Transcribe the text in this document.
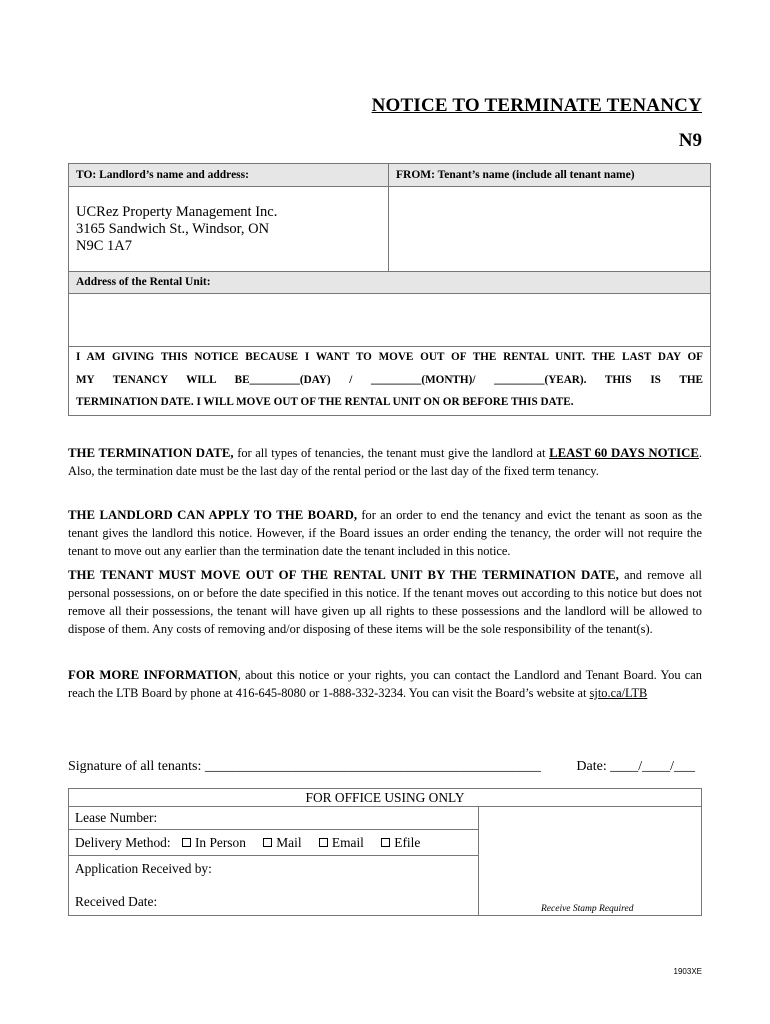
NOTICE TO TERMINATE TENANCY
N9
TO: Landlord’s name and address:	FROM: Tenant’s name (include all tenant name)
UCRez Property Management Inc.
3165 Sandwich St., Windsor, ON
N9C 1A7
Address of the Rental Unit:
I AM GIVING THIS NOTICE BECAUSE I WANT TO MOVE OUT OF THE RENTAL UNIT. THE LAST DAY OF
MY TENANCY WILL BE_________(DAY) / _________(MONTH)/ _________(YEAR). THIS IS THE
TERMINATION DATE. I WILL MOVE OUT OF THE RENTAL UNIT ON OR BEFORE THIS DATE.
THE TERMINATION DATE, for all types of tenancies, the tenant must give the landlord at LEAST 60 DAYS NOTICE. Also, the termination date must be the last day of the rental period or the last day of the fixed term tenancy.
THE LANDLORD CAN APPLY TO THE BOARD, for an order to end the tenancy and evict the tenant as soon as the tenant gives the landlord this notice. However, if the Board issues an order ending the tenancy, the order will not require the tenant to move out any earlier than the termination date the tenant included in this notice.
THE TENANT MUST MOVE OUT OF THE RENTAL UNIT BY THE TERMINATION DATE, and remove all personal possessions, on or before the date specified in this notice. If the tenant moves out according to this notice but does not remove all their possessions, the tenant will have given up all rights to these possessions and the landlord will be allowed to dispose of them. Any costs of removing and/or disposing of these items will be the sole responsibility of the tenant(s).
FOR MORE INFORMATION, about this notice or your rights, you can contact the Landlord and Tenant Board. You can reach the LTB Board by phone at 416-645-8080 or 1-888-332-3234. You can visit the Board’s website at sjto.ca/LTB
Signature of all tenants: ________________________________________________	Date: ____/____/___
FOR OFFICE USING ONLY
Receive Stamp Required
Lease Number:
Delivery Method: In Person Mail Email Efile
Application Received by:
Received Date:
1903XE
